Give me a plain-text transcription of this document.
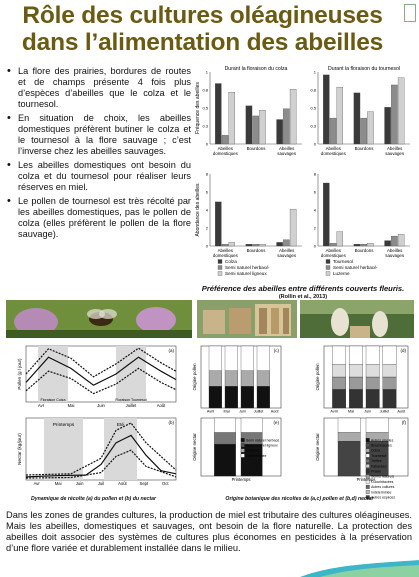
Rôle des cultures oléagineuses
dans l’alimentation des abeilles
• La flore des prairies, bordures de routes et de champs présente 4 fois plus d’espèces d’abeilles que le colza et le tournesol.
• En situation de choix, les abeilles domestiques préfèrent butiner le colza et le tournesol à la flore sauvage ; c’est l’inverse chez les abeilles sauvages.
• Les abeilles domestiques ont besoin du colza et du tournesol pour réaliser leurs réserves en miel.
• Le pollen de tournesol est très récolté par les abeilles domestiques, pas le pollen de colza (elles préfèrent le pollen de la flore sauvage).
Durant la floraison du colza
Fréquence des abeilles
0
0.3
0.5
0.8
1
Abeilles
domestiques
Bourdons	Abeilles
sauvages
Durant la floraison du tournesol
0
0.3
0.5
0.8
1
Abeilles
domestiques
Bourdons	Abeilles
sauvages
Abondance des abeilles
0
2
4
6
8
Abeilles
domestiques
Bourdons	Abeilles
sauvages
Colza
Semi naturel herbacé
Semi naturel ligneux
0
2
4
6
8
Abeilles
domestiques
Bourdons	Abeilles
sauvages
Tournesol
Semi naturel herbacé
Luzerne
Préférence des abeilles entre différents couverts fleuris.
(Rollin et al., 2013)
Pollen (g / jour)
Avr	Mai	Juin	Juillet	Août
(a)
Floraison Colza	Floraison Tournesol
Nectar (kg/jour)
Avr	Mai	Juin	Juil	Août	Sept	Oct
(b)
Printemps	Eté
Origine pollen
(c)
Avril Mai Juin Juillet Août
Origine nectar
(e)
Semi naturel herbacé
Semi naturel ligneux
Cultures
Indéterminée
Printemps
Origine pollen
(d)
Avril	Mai	Juin Juillet Août
Origine nectar
(f)
Autres plantes
Brassicacées
Colza
Tournesol
Trèfles
Fabacées
Prairie
Semis naturels
Cucurbitacées
Autres cultures
Indéterminée
Autres espèces
Printemps
Dynamique de récolte (a) du pollen et (b) du nectar	Origine botanique des récoltes de (a,c) pollen et (b,d) nectar
Dans les zones de grandes cultures, la production de miel est tributaire des cultures oléagineuses. Mais les abeilles, domestiques et sauvages, ont besoin de la flore naturelle. La protection des abeilles doit associer des systèmes de cultures plus économes en pesticides à la préservation d’une flore variée et durablement installée dans le milieu.
